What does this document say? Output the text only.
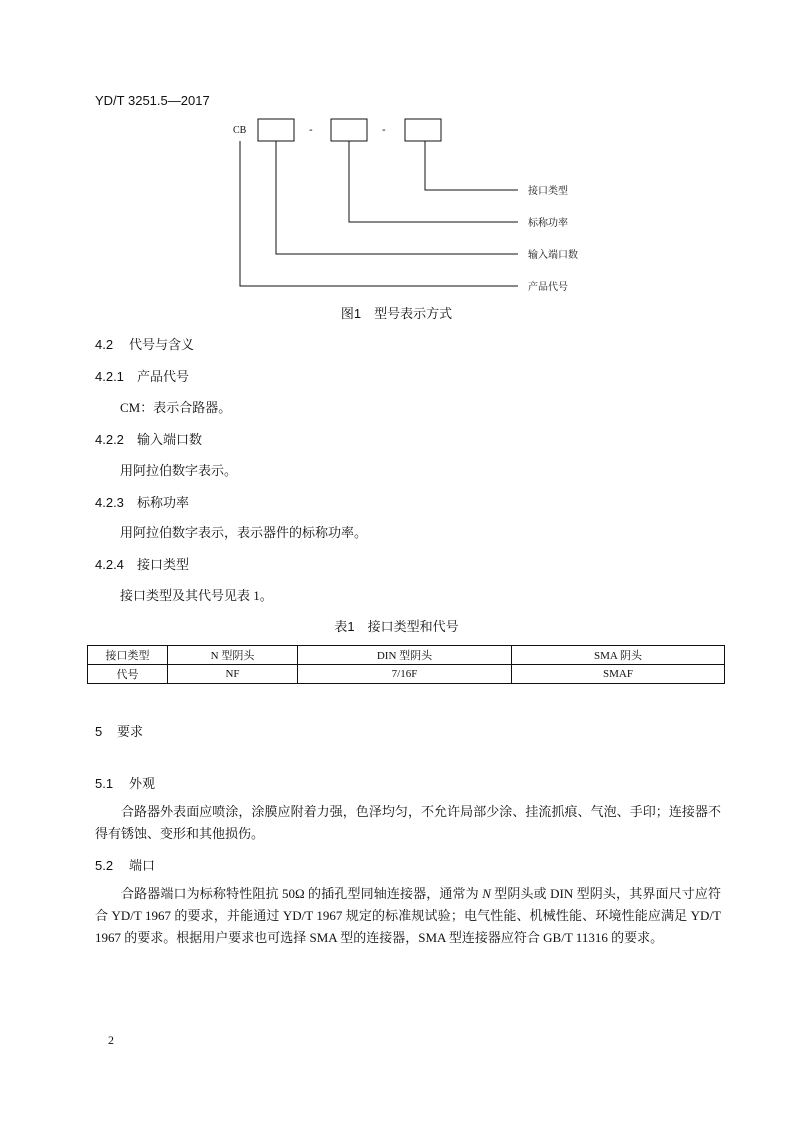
YD/T 3251.5—2017
CB	-	-
接口类型
标称功率
输入端口数
产品代号
图1　型号表示方式
4.2 代号与含义
4.2.1 产品代号
CM：表示合路器。
4.2.2 输入端口数
用阿拉伯数字表示。
4.2.3 标称功率
用阿拉伯数字表示，表示器件的标称功率。
4.2.4 接口类型
接口类型及其代号见表 1。
表1　接口类型和代号
接口类型	N 型阴头	DIN 型阴头	SMA 阴头
代号	NF	7/16F	SMAF
5 要求
5.1 外观

合路器外表面应喷涂，涂膜应附着力强，色泽均匀，不允许局部少涂、挂流抓痕、气泡、手印；连接器不得有锈蚀、变形和其他损伤。

5.2 端口

合路器端口为标称特性阻抗 50Ω 的插孔型同轴连接器，通常为 N 型阴头或 DIN 型阴头，其界面尺寸应符合 YD/T 1967 的要求，并能通过 YD/T 1967 规定的标准规试验；电气性能、机械性能、环境性能应满足 YD/T 1967 的要求。根据用户要求也可选择 SMA 型的连接器，SMA 型连接器应符合 GB/T 11316 的要求。

2
